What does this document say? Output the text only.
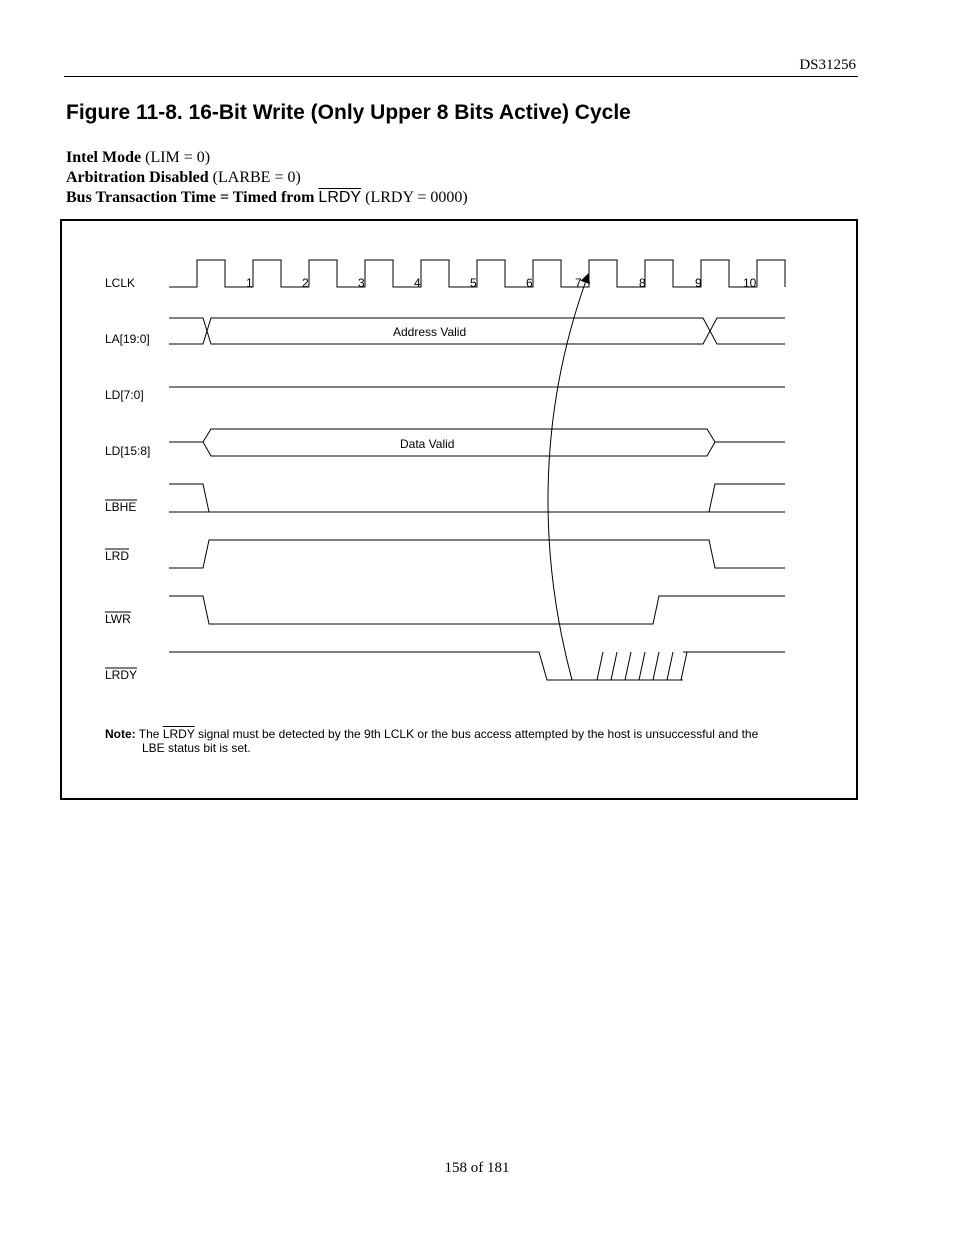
DS31256
Figure 11-8. 16-Bit Write (Only Upper 8 Bits Active) Cycle
Intel Mode (LIM = 0)
Arbitration Disabled (LARBE = 0)
Bus Transaction Time = Timed from LRDY (LRDY = 0000)
LCLK
LA[19:0]
LD[7:0]
LD[15:8]
LBHE
LRD
LWR
LRDY
1	2	3	4	5	6	7	8	9	10
Address Valid
Data Valid
Note: The LRDY signal must be detected by the 9th LCLK or the bus access attempted by the host is unsuccessful and the
LBE status bit is set.
158 of 181
